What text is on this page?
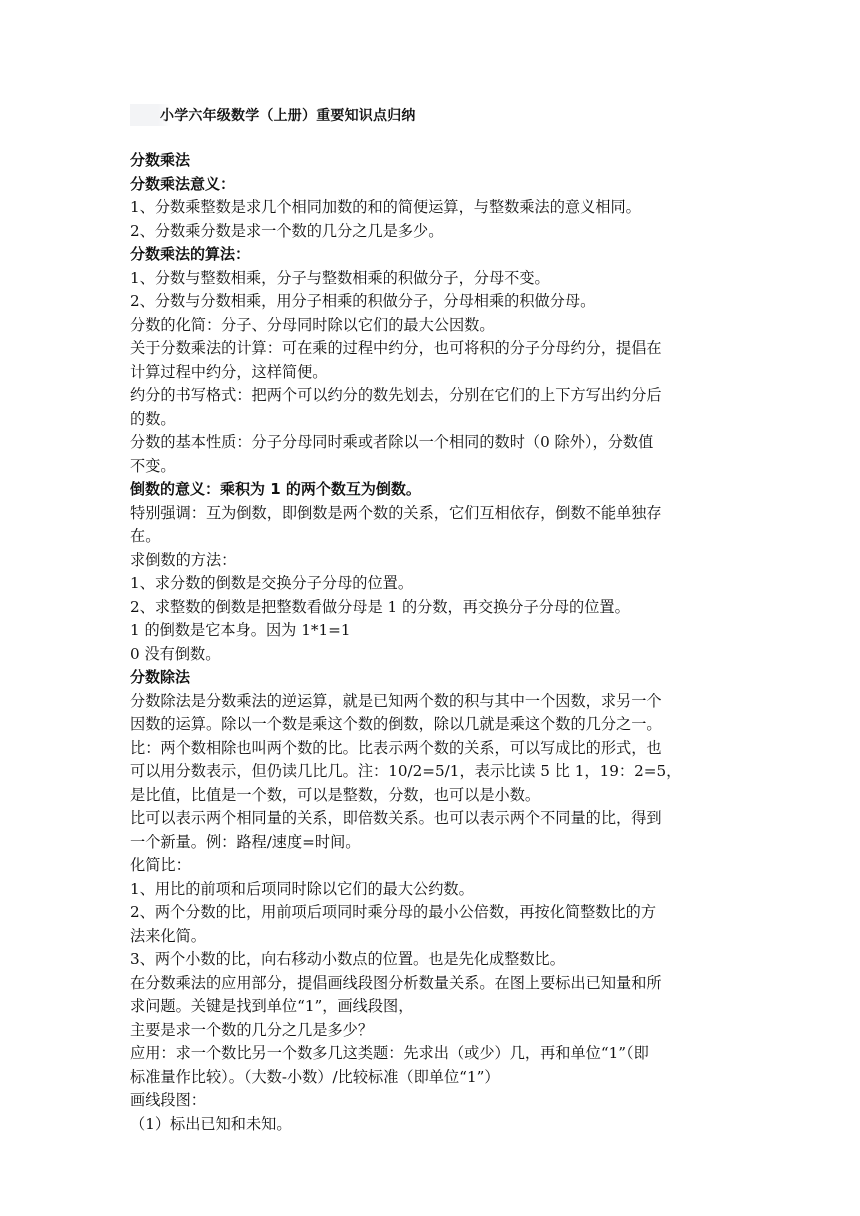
小学六年级数学（上册）重要知识点归纳

分数乘法

分数乘法意义：

1、分数乘整数是求几个相同加数的和的简便运算，与整数乘法的意义相同。

2、分数乘分数是求一个数的几分之几是多少。

分数乘法的算法：

1、分数与整数相乘，分子与整数相乘的积做分子，分母不变。

2、分数与分数相乘，用分子相乘的积做分子，分母相乘的积做分母。

分数的化简：分子、分母同时除以它们的最大公因数。

关于分数乘法的计算：可在乘的过程中约分，也可将积的分子分母约分，提倡在

计算过程中约分，这样简便。

约分的书写格式：把两个可以约分的数先划去，分别在它们的上下方写出约分后

的数。

分数的基本性质：分子分母同时乘或者除以一个相同的数时（0 除外），分数值

不变。

倒数的意义：乘积为 1 的两个数互为倒数。

特别强调：互为倒数，即倒数是两个数的关系，它们互相依存，倒数不能单独存

在。

求倒数的方法：

1、求分数的倒数是交换分子分母的位置。

2、求整数的倒数是把整数看做分母是 1 的分数，再交换分子分母的位置。

1 的倒数是它本身。因为 1*1=1

0 没有倒数。

分数除法

分数除法是分数乘法的逆运算，就是已知两个数的积与其中一个因数，求另一个

因数的运算。除以一个数是乘这个数的倒数，除以几就是乘这个数的几分之一。

比：两个数相除也叫两个数的比。比表示两个数的关系，可以写成比的形式，也

可以用分数表示，但仍读几比几。注：10/2=5/1，表示比读 5 比 1，19：2=5，

是比值，比值是一个数，可以是整数，分数，也可以是小数。

比可以表示两个相同量的关系，即倍数关系。也可以表示两个不同量的比，得到

一个新量。例：路程/速度=时间。

化简比：

1、用比的前项和后项同时除以它们的最大公约数。

2、两个分数的比，用前项后项同时乘分母的最小公倍数，再按化简整数比的方

法来化简。

3、两个小数的比，向右移动小数点的位置。也是先化成整数比。

在分数乘法的应用部分，提倡画线段图分析数量关系。在图上要标出已知量和所

求问题。关键是找到单位“1”，画线段图，

主要是求一个数的几分之几是多少？

应用：求一个数比另一个数多几这类题：先求出（或少）几，再和单位“1”（即

标准量作比较）。（大数-小数）/比较标准（即单位“1”）

画线段图：

（1）标出已知和未知。
